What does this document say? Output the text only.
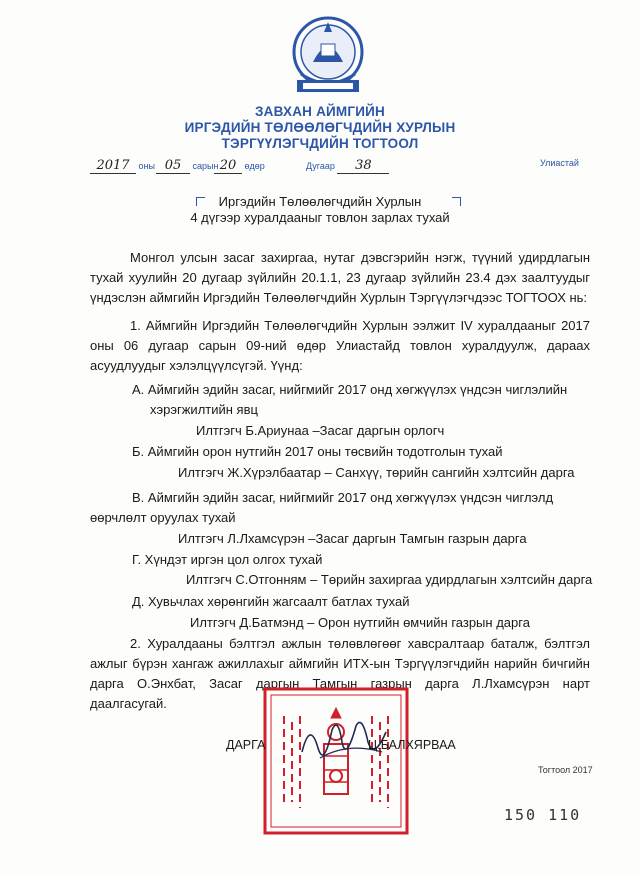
ЗАВХАН АЙМГИЙН
ИРГЭДИЙН ТӨЛӨӨЛӨГЧДИЙН ХУРЛЫН
ТЭРГҮҮЛЭГЧДИЙН ТОГТООЛ
2017 оны 05 сарын 20 өдөр	Дугаар 38	Улиастай
Иргэдийн Төлөөлөгчдийн Хурлын
4 дүгээр хуралдааныг товлон зарлах тухай
Монгол улсын засаг захиргаа, нутаг дэвсгэрийн нэгж, түүний удирдлагын тухай хуулийн 20 дугаар зүйлийн 20.1.1, 23 дугаар зүйлийн 23.4 дэх заалтуудыг үндэслэн аймгийн Иргэдийн Төлөөлөгчдийн Хурлын Тэргүүлэгчдээс ТОГТООХ нь:
1. Аймгийн Иргэдийн Төлөөлөгчдийн Хурлын ээлжит IV хуралдааныг 2017 оны 06 дугаар сарын 09-ний өдөр Улиастайд товлон хуралдуулж, дараах асуудлуудыг хэлэлцүүлсүгэй. Үүнд:
А. Аймгийн эдийн засаг, нийгмийг 2017 онд хөгжүүлэх үндсэн чиглэлийн
хэрэгжилтийн явц
Илтгэгч Б.Ариунаа –Засаг даргын орлогч
Б. Аймгийн орон нутгийн 2017 оны төсвийн тодотголын тухай
Илтгэгч Ж.Хүрэлбаатар – Санхүү, төрийн сангийн хэлтсийн дарга
В. Аймгийн эдийн засаг, нийгмийг 2017 онд хөгжүүлэх үндсэн чиглэлд
өөрчлөлт оруулах тухай
Илтгэгч Л.Лхамсүрэн –Засаг даргын Тамгын газрын дарга
Г. Хүндэт иргэн цол олгох тухай
Илтгэгч С.Отгонням – Төрийн захиргаа удирдлагын хэлтсийн дарга
Д. Хувьчлах хөрөнгийн жагсаалт батлах тухай
Илтгэгч Д.Батмэнд – Орон нутгийн өмчийн газрын дарга
2. Хуралдааны бэлтгэл ажлын төлөвлөгөөг хавсралтаар баталж, бэлтгэл ажлыг бүрэн хангаж ажиллахыг аймгийн ИТХ-ын Тэргүүлэгчдийн нарийн бичгийн дарга О.Энхбат, Засаг даргын Тамгын газрын дарга Л.Лхамсүрэн нарт даалгасугай.
ДАРГА	Ц.БАЛХЯРВАА
Тогтоол 2017
150 110
